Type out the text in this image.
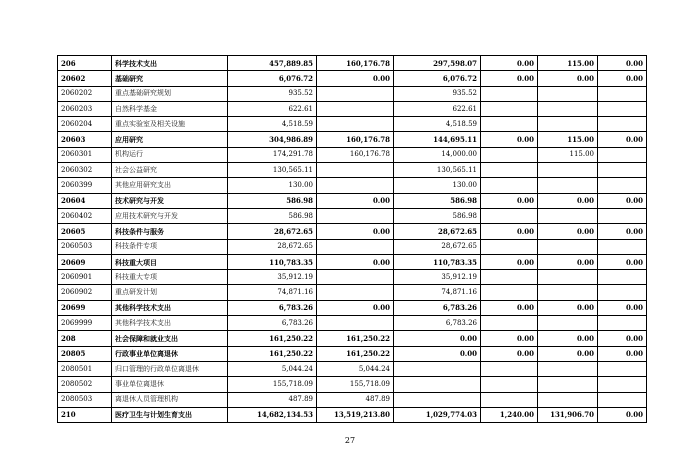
206	科学技术支出	457,889.85	160,176.78	297,598.07	0.00	115.00	0.00
20602	基础研究	6,076.72	0.00	6,076.72	0.00	0.00	0.00
2060202	重点基础研究规划	935.52		935.52			
2060203	自然科学基金	622.61		622.61			
2060204	重点实验室及相关设施	4,518.59		4,518.59			
20603	应用研究	304,986.89	160,176.78	144,695.11	0.00	115.00	0.00
2060301	机构运行	174,291.78	160,176.78	14,000.00		115.00	
2060302	社会公益研究	130,565.11		130,565.11			
2060399	其他应用研究支出	130.00		130.00			
20604	技术研究与开发	586.98	0.00	586.98	0.00	0.00	0.00
2060402	应用技术研究与开发	586.98		586.98			
20605	科技条件与服务	28,672.65	0.00	28,672.65	0.00	0.00	0.00
2060503	科技条件专项	28,672.65		28,672.65			
20609	科技重大项目	110,783.35	0.00	110,783.35	0.00	0.00	0.00
2060901	科技重大专项	35,912.19		35,912.19			
2060902	重点研发计划	74,871.16		74,871.16			
20699	其他科学技术支出	6,783.26	0.00	6,783.26	0.00	0.00	0.00
2069999	其他科学技术支出	6,783.26		6,783.26			
208	社会保障和就业支出	161,250.22	161,250.22	0.00	0.00	0.00	0.00
20805	行政事业单位离退休	161,250.22	161,250.22	0.00	0.00	0.00	0.00
2080501	归口管理的行政单位离退休	5,044.24	5,044.24				
2080502	事业单位离退休	155,718.09	155,718.09				
2080503	离退休人员管理机构	487.89	487.89				
210	医疗卫生与计划生育支出	14,682,134.53	13,519,213.80	1,029,774.03	1,240.00	131,906.70	0.00
27
